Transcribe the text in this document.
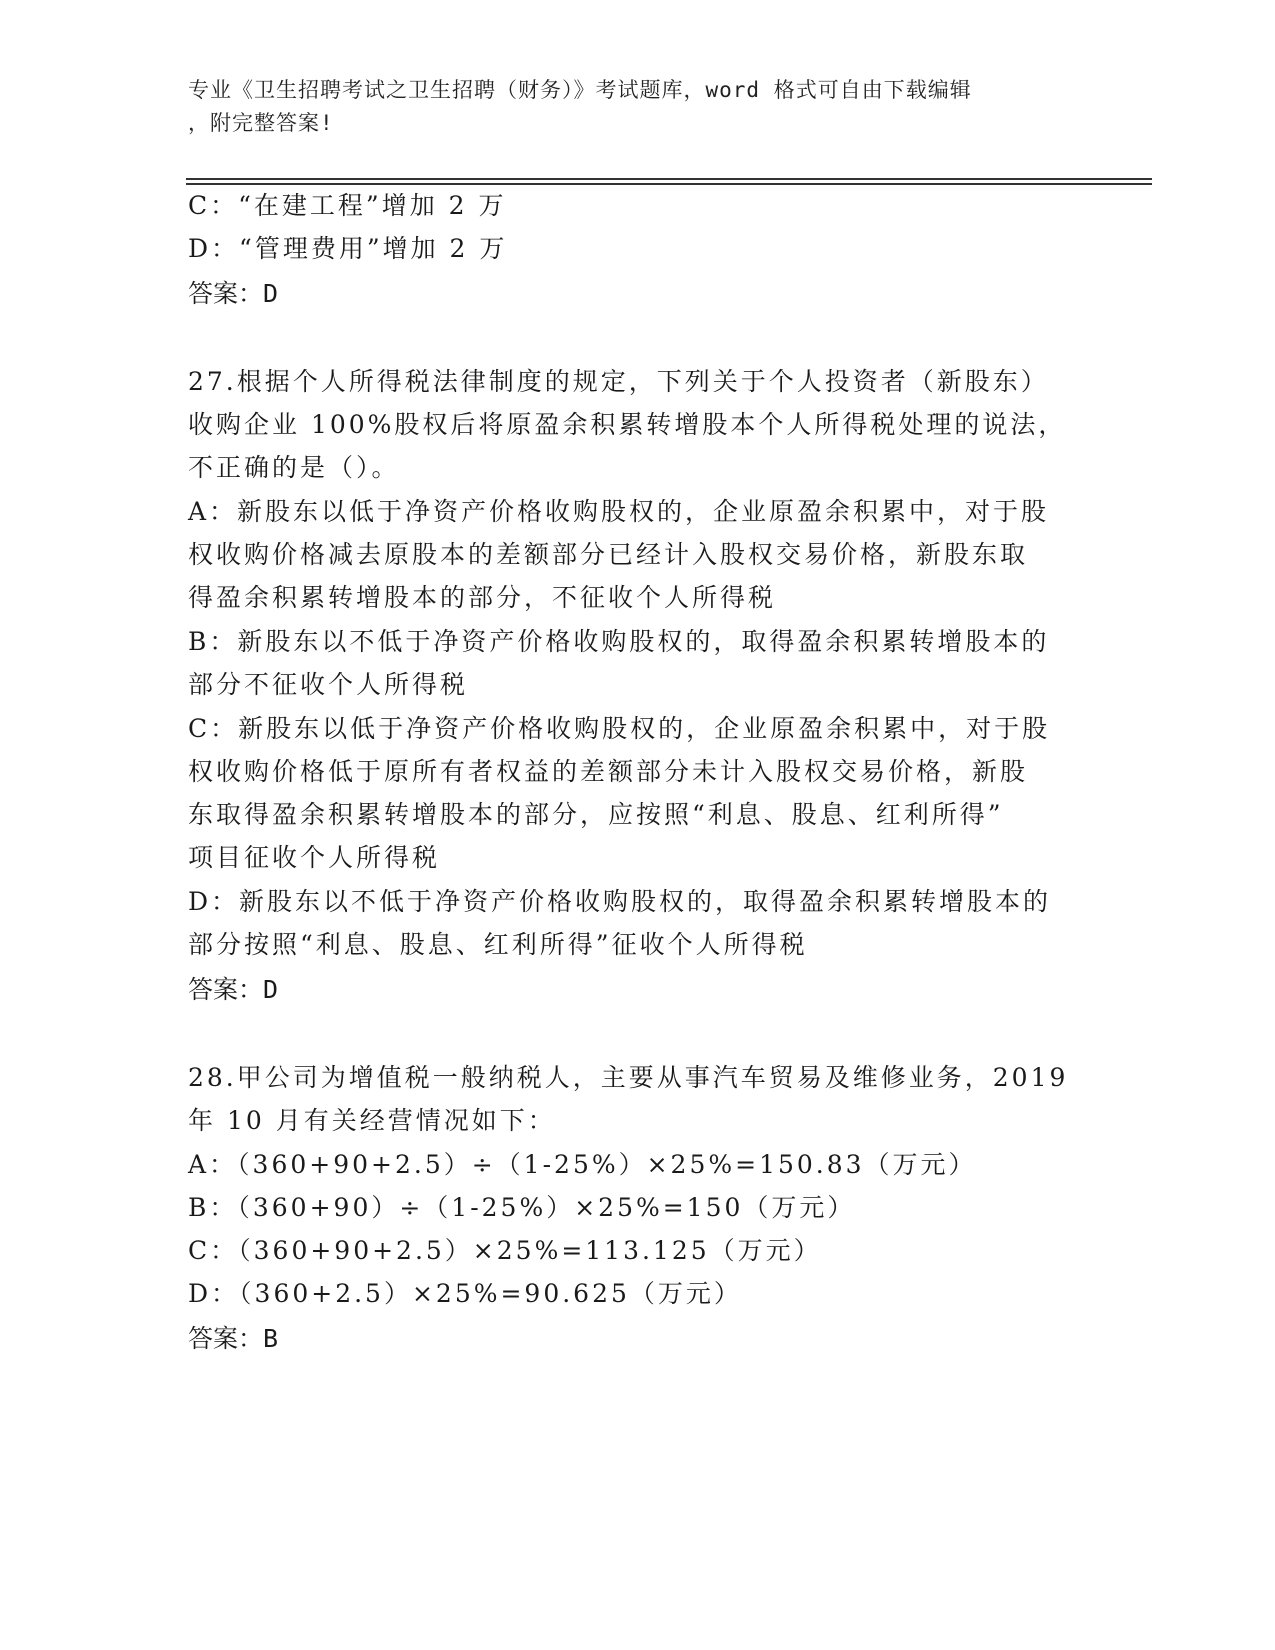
专业《卫生招聘考试之卫生招聘（财务）》考试题库，word 格式可自由下载编辑
，附完整答案!
C：“在建工程”增加 2 万
D：“管理费用”增加 2 万
答案：D
27.根据个人所得税法律制度的规定，下列关于个人投资者（新股东）
收购企业 100%股权后将原盈余积累转增股本个人所得税处理的说法，
不正确的是（）。
A：新股东以低于净资产价格收购股权的，企业原盈余积累中，对于股
权收购价格减去原股本的差额部分已经计入股权交易价格，新股东取
得盈余积累转增股本的部分，不征收个人所得税
B：新股东以不低于净资产价格收购股权的，取得盈余积累转增股本的
部分不征收个人所得税
C：新股东以低于净资产价格收购股权的，企业原盈余积累中，对于股
权收购价格低于原所有者权益的差额部分未计入股权交易价格，新股
东取得盈余积累转增股本的部分，应按照“利息、股息、红利所得”
项目征收个人所得税
D：新股东以不低于净资产价格收购股权的，取得盈余积累转增股本的
部分按照“利息、股息、红利所得”征收个人所得税
答案：D
28.甲公司为增值税一般纳税人，主要从事汽车贸易及维修业务，2019
年 10 月有关经营情况如下：
A：（360+90+2.5）÷（1-25%）×25%=150.83（万元）
B：（360+90）÷（1-25%）×25%=150（万元）
C：（360+90+2.5）×25%=113.125（万元）
D：（360+2.5）×25%=90.625（万元）
答案：B
